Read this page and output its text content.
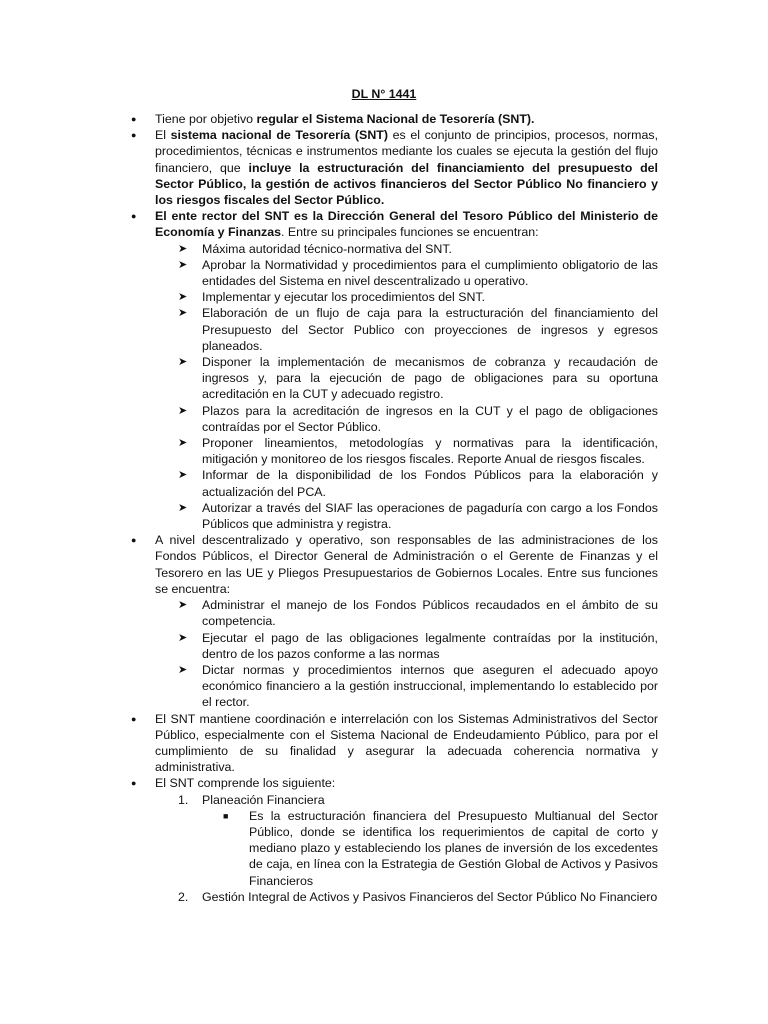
DL N° 1441
● Tiene por objetivo regular el Sistema Nacional de Tesorería (SNT).
● El sistema nacional de Tesorería (SNT) es el conjunto de principios, procesos, normas, procedimientos, técnicas e instrumentos mediante los cuales se ejecuta la gestión del flujo financiero, que incluye la estructuración del financiamiento del presupuesto del Sector Público, la gestión de activos financieros del Sector Público No financiero y los riesgos fiscales del Sector Público.
● El ente rector del SNT es la Dirección General del Tesoro Público del Ministerio de Economía y Finanzas. Entre su principales funciones se encuentran:
➤ Máxima autoridad técnico-normativa del SNT.
➤ Aprobar la Normatividad y procedimientos para el cumplimiento obligatorio de las entidades del Sistema en nivel descentralizado u operativo.
➤ Implementar y ejecutar los procedimientos del SNT.
➤ Elaboración de un flujo de caja para la estructuración del financiamiento del Presupuesto del Sector Publico con proyecciones de ingresos y egresos planeados.
➤ Disponer la implementación de mecanismos de cobranza y recaudación de ingresos y, para la ejecución de pago de obligaciones para su oportuna acreditación en la CUT y adecuado registro.
➤ Plazos para la acreditación de ingresos en la CUT y el pago de obligaciones contraídas por el Sector Público.
➤ Proponer lineamientos, metodologías y normativas para la identificación, mitigación y monitoreo de los riesgos fiscales. Reporte Anual de riesgos fiscales.
➤ Informar de la disponibilidad de los Fondos Públicos para la elaboración y actualización del PCA.
➤ Autorizar a través del SIAF las operaciones de pagaduría con cargo a los Fondos Públicos que administra y registra.
● A nivel descentralizado y operativo, son responsables de las administraciones de los Fondos Públicos, el Director General de Administración o el Gerente de Finanzas y el Tesorero en las UE y Pliegos Presupuestarios de Gobiernos Locales. Entre sus funciones se encuentra:
➤ Administrar el manejo de los Fondos Públicos recaudados en el ámbito de su competencia.
➤ Ejecutar el pago de las obligaciones legalmente contraídas por la institución, dentro de los pazos conforme a las normas
➤ Dictar normas y procedimientos internos que aseguren el adecuado apoyo económico financiero a la gestión instruccional, implementando lo establecido por el rector.
● El SNT mantiene coordinación e interrelación con los Sistemas Administrativos del Sector Público, especialmente con el Sistema Nacional de Endeudamiento Público, para por el cumplimiento de su finalidad y asegurar la adecuada coherencia normativa y administrativa.
● El SNT comprende los siguiente:
1. Planeación Financiera
■ Es la estructuración financiera del Presupuesto Multianual del Sector Público, donde se identifica los requerimientos de capital de corto y mediano plazo y estableciendo los planes de inversión de los excedentes de caja, en línea con la Estrategia de Gestión Global de Activos y Pasivos Financieros
2. Gestión Integral de Activos y Pasivos Financieros del Sector Público No Financiero
